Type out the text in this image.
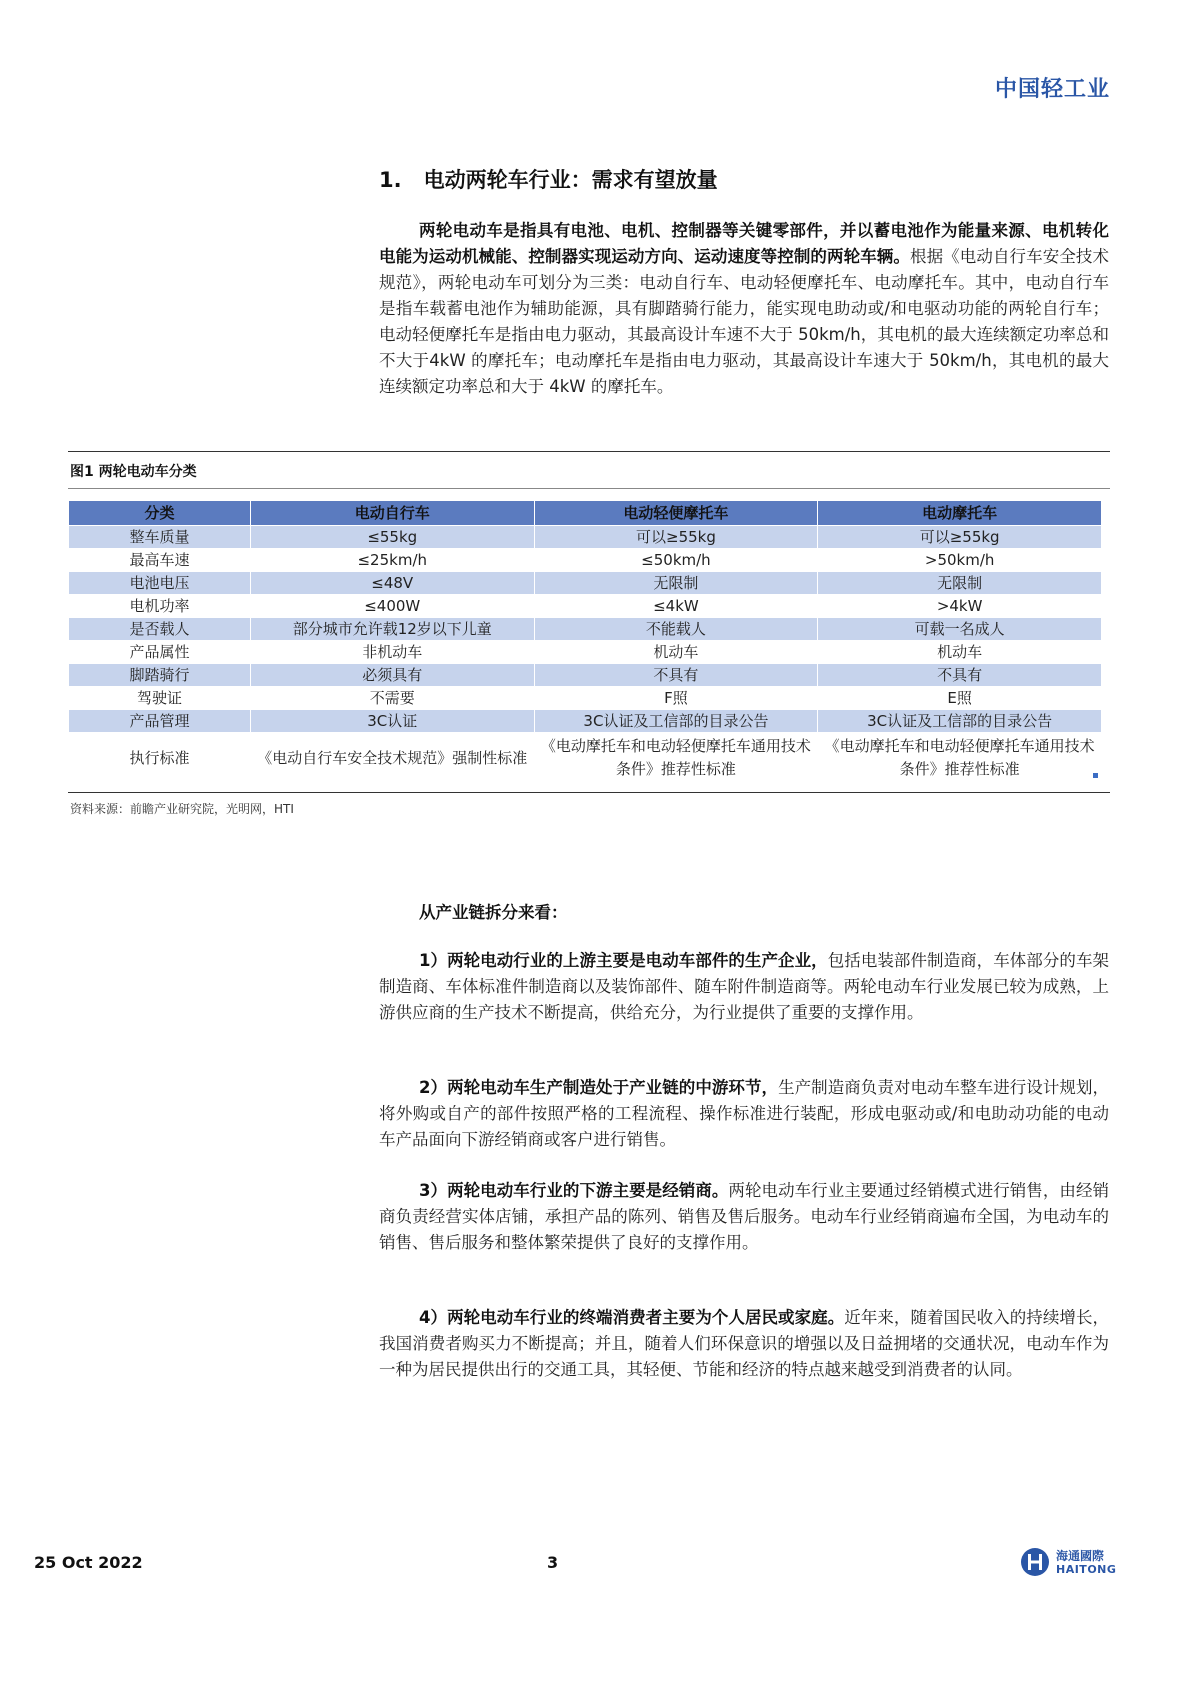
中国轻工业
1. 电动两轮车行业：需求有望放量
两轮电动车是指具有电池、电机、控制器等关键零部件，并以蓄电池作为能量来源、电机转化电能为运动机械能、控制器实现运动方向、运动速度等控制的两轮车辆。根据《电动自行车安全技术规范》，两轮电动车可划分为三类：电动自行车、电动轻便摩托车、电动摩托车。其中，电动自行车是指车载蓄电池作为辅助能源，具有脚踏骑行能力，能实现电助动或/和电驱动功能的两轮自行车；电动轻便摩托车是指由电力驱动，其最高设计车速不大于 50km/h，其电机的最大连续额定功率总和不大于4kW 的摩托车；电动摩托车是指由电力驱动，其最高设计车速大于 50km/h，其电机的最大连续额定功率总和大于 4kW 的摩托车。
图1 两轮电动车分类
分类	电动自行车	电动轻便摩托车	电动摩托车
整车质量	≤55kg	可以≥55kg	可以≥55kg
最高车速	≤25km/h	≤50km/h	>50km/h
电池电压	≤48V	无限制	无限制
电机功率	≤400W	≤4kW	>4kW
是否载人	部分城市允许载12岁以下儿童	不能载人	可载一名成人
产品属性	非机动车	机动车	机动车
脚踏骑行	必须具有	不具有	不具有
驾驶证	不需要	F照	E照
产品管理	3C认证	3C认证及工信部的目录公告	3C认证及工信部的目录公告
执行标准	《电动自行车安全技术规范》强制性标准	《电动摩托车和电动轻便摩托车通用技术条件》推荐性标准	《电动摩托车和电动轻便摩托车通用技术条件》推荐性标准
资料来源：前瞻产业研究院，光明网，HTI
从产业链拆分来看：
1）两轮电动行业的上游主要是电动车部件的生产企业，包括电装部件制造商，车体部分的车架制造商、车体标准件制造商以及装饰部件、随车附件制造商等。两轮电动车行业发展已较为成熟，上游供应商的生产技术不断提高，供给充分，为行业提供了重要的支撑作用。
2）两轮电动车生产制造处于产业链的中游环节，生产制造商负责对电动车整车进行设计规划，将外购或自产的部件按照严格的工程流程、操作标准进行装配，形成电驱动或/和电助动功能的电动车产品面向下游经销商或客户进行销售。
3）两轮电动车行业的下游主要是经销商。两轮电动车行业主要通过经销模式进行销售，由经销商负责经营实体店铺，承担产品的陈列、销售及售后服务。电动车行业经销商遍布全国，为电动车的销售、售后服务和整体繁荣提供了良好的支撑作用。
4）两轮电动车行业的终端消费者主要为个人居民或家庭。近年来，随着国民收入的持续增长，我国消费者购买力不断提高；并且，随着人们环保意识的增强以及日益拥堵的交通状况，电动车作为一种为居民提供出行的交通工具，其轻便、节能和经济的特点越来越受到消费者的认同。
25 Oct 2022	3	海通國際
HAITONG
